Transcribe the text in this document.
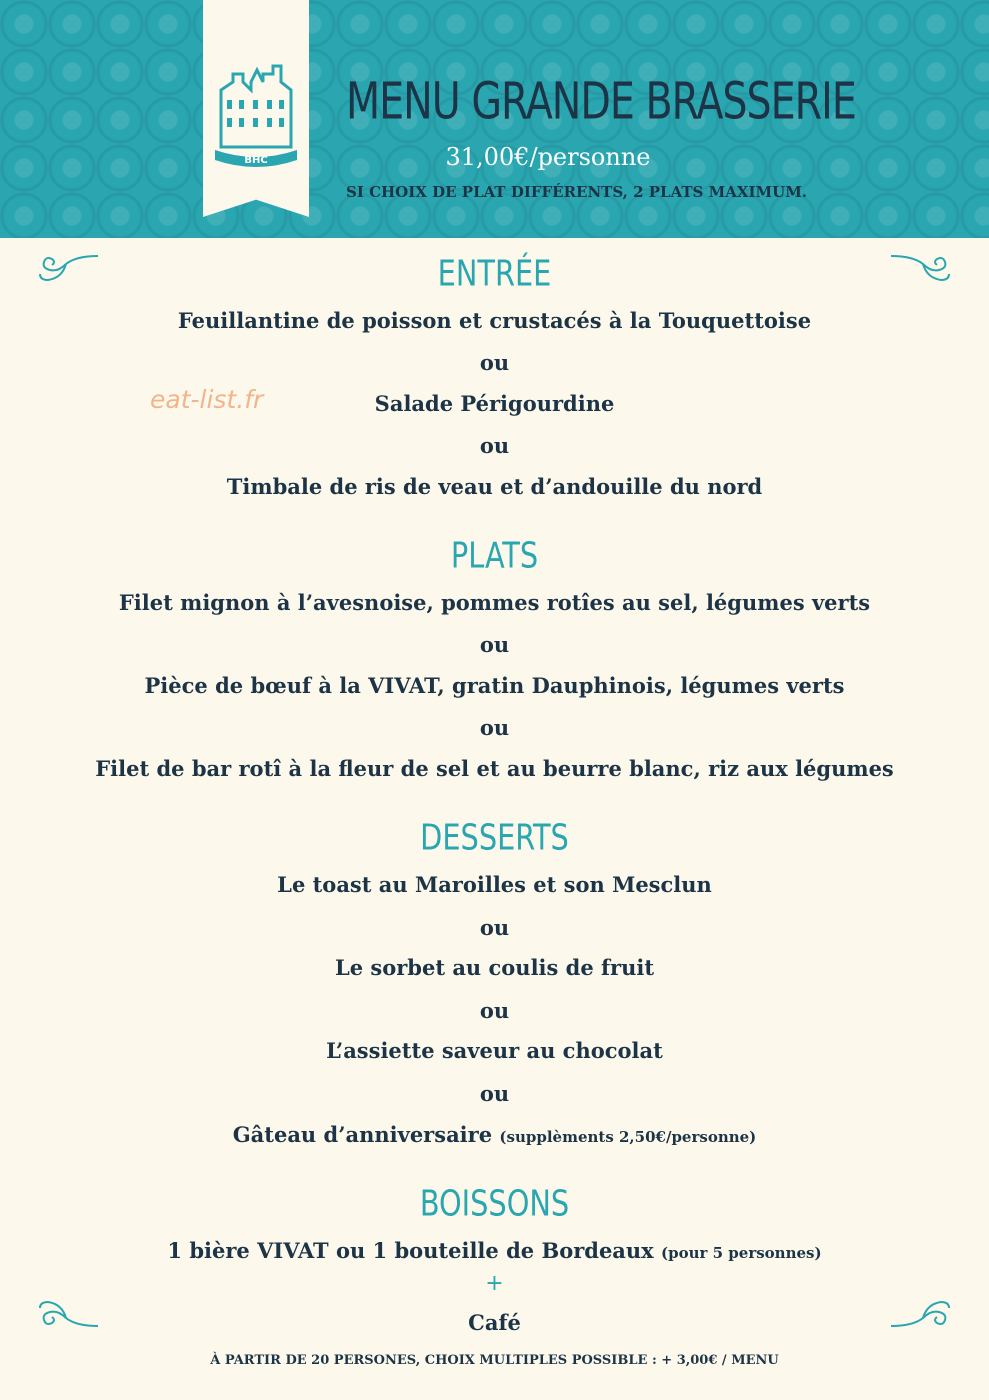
BHC
MENU GRANDE BRASSERIE
31,00€/personne
SI CHOIX DE PLAT DIFFÉRENTS, 2 PLATS MAXIMUM.
eat-list.fr
ENTRÉE
Feuillantine de poisson et crustacés à la Touquettoise
ou
Salade Périgourdine
ou
Timbale de ris de veau et d’andouille du nord
PLATS
Filet mignon à l’avesnoise, pommes rotîes au sel, légumes verts
ou
Pièce de bœuf à la VIVAT, gratin Dauphinois, légumes verts
ou
Filet de bar rotî à la fleur de sel et au beurre blanc, riz aux légumes
DESSERTS
Le toast au Maroilles et son Mesclun
ou
Le sorbet au coulis de fruit
ou
L’assiette saveur au chocolat
ou
Gâteau d’anniversaire (supplèments 2,50€/personne)
BOISSONS
1 bière VIVAT ou 1 bouteille de Bordeaux (pour 5 personnes)
+
Café
À PARTIR DE 20 PERSONES, CHOIX MULTIPLES POSSIBLE : + 3,00€ / MENU
